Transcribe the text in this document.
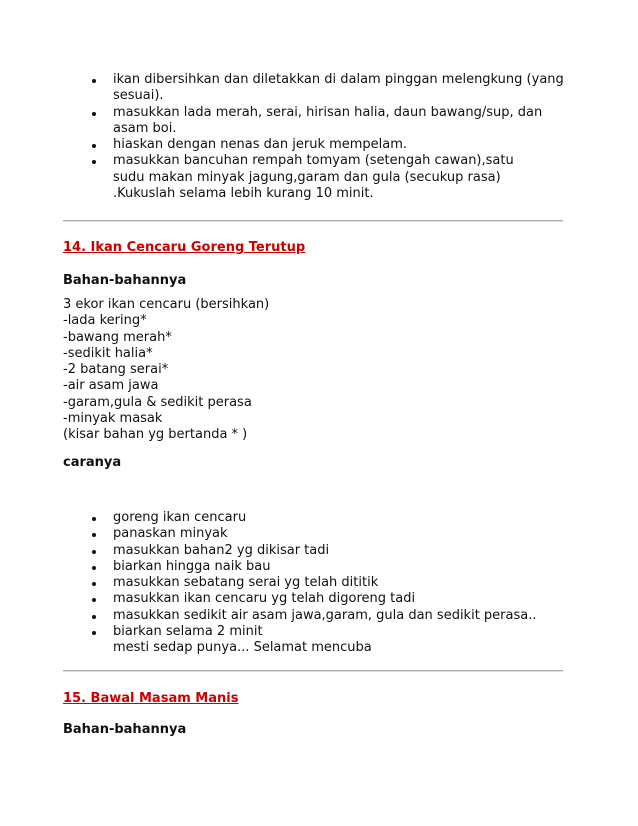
ikan dibersihkan dan diletakkan di dalam pinggan melengkung (yang sesuai).
masukkan lada merah, serai, hirisan halia, daun bawang/sup, dan asam boi.
hiaskan dengan nenas dan jeruk mempelam.
masukkan bancuhan rempah tomyam (setengah cawan),satu sudu makan minyak jagung,garam dan gula (secukup rasa) .Kukuslah selama lebih kurang 10 minit.
14. Ikan Cencaru Goreng Terutup
Bahan-bahannya
3 ekor ikan cencaru (bersihkan)
-lada kering*
-bawang merah*
-sedikit halia*
-2 batang serai*
-air asam jawa
-garam,gula & sedikit perasa
-minyak masak
(kisar bahan yg bertanda * )
caranya
goreng ikan cencaru
panaskan minyak
masukkan bahan2 yg dikisar tadi
biarkan hingga naik bau
masukkan sebatang serai yg telah dititik
masukkan ikan cencaru yg telah digoreng tadi
masukkan sedikit air asam jawa,garam, gula dan sedikit perasa..
biarkan selama 2 minit
mesti sedap punya... Selamat mencuba
15. Bawal Masam Manis
Bahan-bahannya
